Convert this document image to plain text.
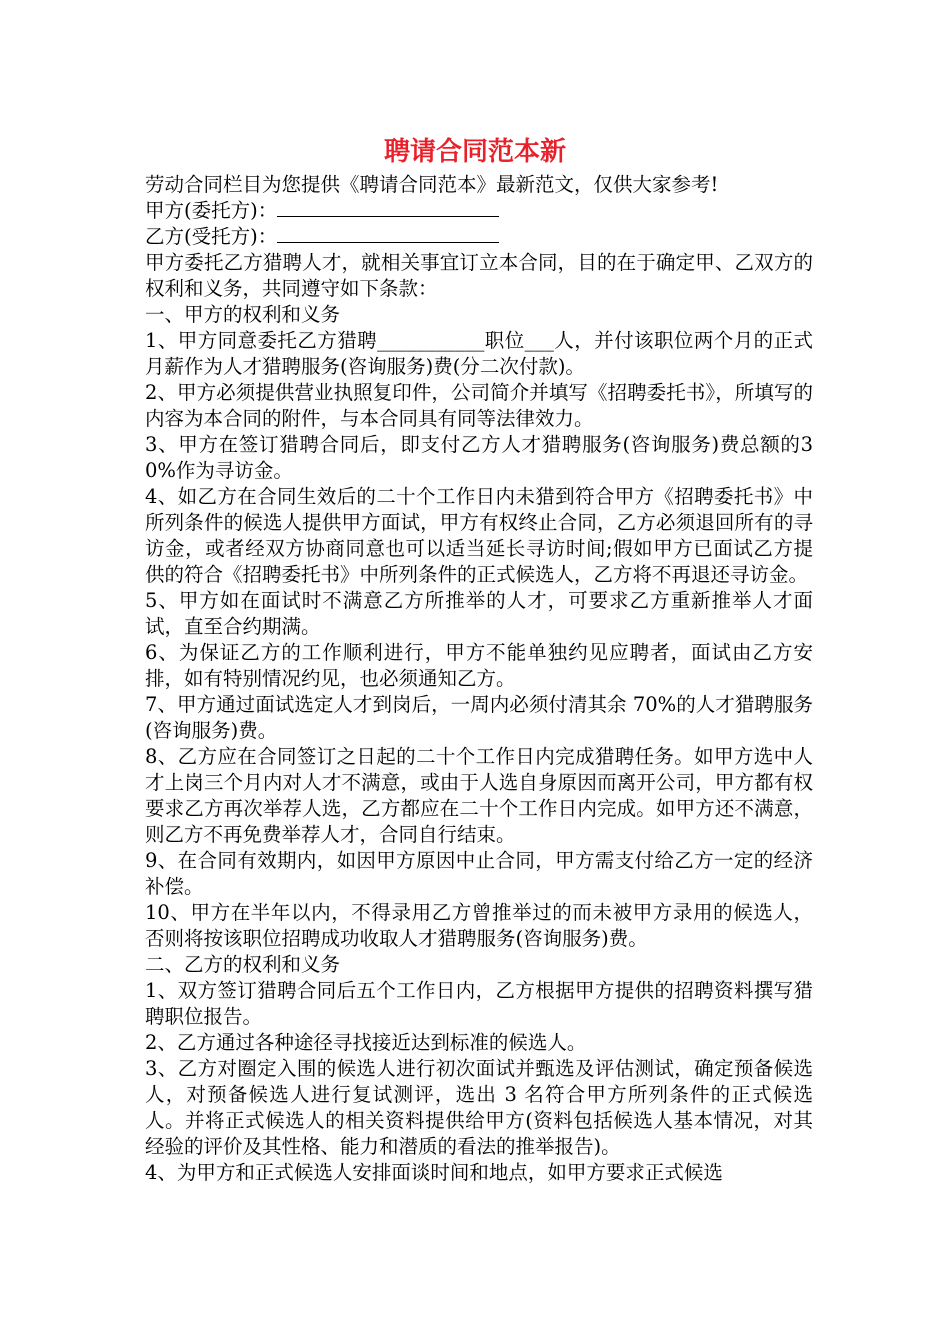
聘请合同范本新

劳动合同栏目为您提供《聘请合同范本》最新范文，仅供大家参考!

甲方(委托方)：

乙方(受托方)：

甲方委托乙方猎聘人才，就相关事宜订立本合同，目的在于确定甲、乙双方的权利和义务，共同遵守如下条款：

一、甲方的权利和义务

1、甲方同意委托乙方猎聘___________职位___人，并付该职位两个月的正式月薪作为人才猎聘服务(咨询服务)费(分二次付款)。

2、甲方必须提供营业执照复印件，公司简介并填写《招聘委托书》，所填写的内容为本合同的附件，与本合同具有同等法律效力。

3、甲方在签订猎聘合同后，即支付乙方人才猎聘服务(咨询服务)费总额的30%作为寻访金。

4、如乙方在合同生效后的二十个工作日内未猎到符合甲方《招聘委托书》中所列条件的候选人提供甲方面试，甲方有权终止合同，乙方必须退回所有的寻访金，或者经双方协商同意也可以适当延长寻访时间;假如甲方已面试乙方提供的符合《招聘委托书》中所列条件的正式候选人，乙方将不再退还寻访金。

5、甲方如在面试时不满意乙方所推举的人才，可要求乙方重新推举人才面试，直至合约期满。

6、为保证乙方的工作顺利进行，甲方不能单独约见应聘者，面试由乙方安排，如有特别情况约见，也必须通知乙方。

7、甲方通过面试选定人才到岗后，一周内必须付清其余 70%的人才猎聘服务(咨询服务)费。

8、乙方应在合同签订之日起的二十个工作日内完成猎聘任务。如甲方选中人才上岗三个月内对人才不满意，或由于人选自身原因而离开公司，甲方都有权要求乙方再次举荐人选，乙方都应在二十个工作日内完成。如甲方还不满意，则乙方不再免费举荐人才，合同自行结束。

9、在合同有效期内，如因甲方原因中止合同，甲方需支付给乙方一定的经济补偿。

10、甲方在半年以内，不得录用乙方曾推举过的而未被甲方录用的候选人，否则将按该职位招聘成功收取人才猎聘服务(咨询服务)费。

二、乙方的权利和义务

1、双方签订猎聘合同后五个工作日内，乙方根据甲方提供的招聘资料撰写猎聘职位报告。

2、乙方通过各种途径寻找接近达到标准的候选人。

3、乙方对圈定入围的候选人进行初次面试并甄选及评估测试，确定预备候选人，对预备候选人进行复试测评，选出 3 名符合甲方所列条件的正式候选人。并将正式候选人的相关资料提供给甲方(资料包括候选人基本情况，对其经验的评价及其性格、能力和潜质的看法的推举报告)。

4、为甲方和正式候选人安排面谈时间和地点，如甲方要求正式候选
